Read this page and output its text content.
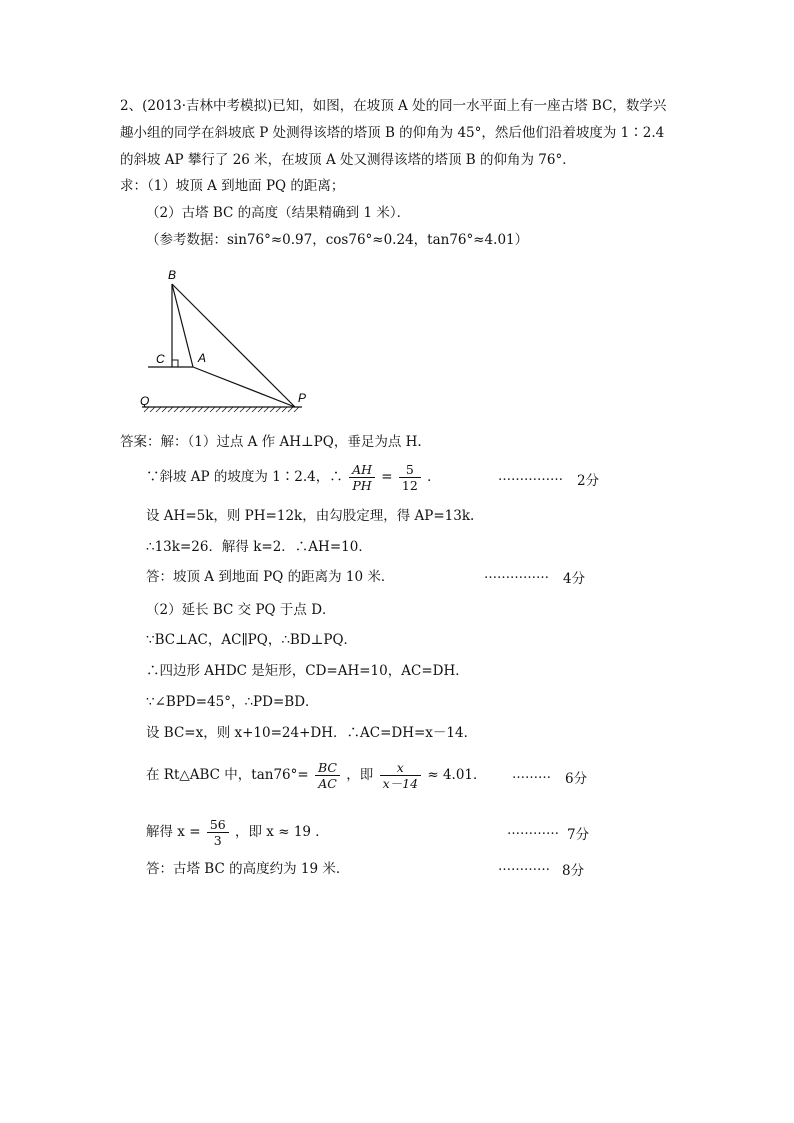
2、(2013·吉林中考模拟)已知，如图，在坡顶 A 处的同一水平面上有一座古塔 BC，数学兴
趣小组的同学在斜坡底 P 处测得该塔的塔顶 B 的仰角为 45°，然后他们沿着坡度为 1∶2.4
的斜坡 AP 攀行了 26 米，在坡顶 A 处又测得该塔的塔顶 B 的仰角为 76°．
求：（1）坡顶 A 到地面 PQ 的距离；
（2）古塔 BC 的高度（结果精确到 1 米）．
（参考数据：sin76°≈0.97，cos76°≈0.24，tan76°≈4.01）
B
C	A
P
Q
答案：解：（1）过点 A 作 AH⊥PQ，垂足为点 H.
∵斜坡 AP 的坡度为 1∶2.4，∴ $\frac{AH}{PH} = \frac{5}{12}$ ．	…………… 2分
设 AH=5k，则 PH=12k，由勾股定理，得 AP=13k.
∴13k=26．解得 k=2．∴AH=10．
答：坡顶 A 到地面 PQ 的距离为 10 米．	…………… 4分
（2）延长 BC 交 PQ 于点 D．
∵BC⊥AC，AC∥PQ，∴BD⊥PQ．
∴四边形 AHDC 是矩形，CD=AH=10，AC=DH．
∵∠BPD=45°，∴PD=BD．
设 BC=x，则 x+10=24+DH．∴AC=DH=x－14．
在 Rt△ABC 中，$\tan 76^\circ= \frac{BC}{AC}$ ，即 $\frac{x}{x-14} \approx 4.01$． ……… 6分
解得 $x = \frac{56}{3}$ ，即 x ≈ 19 ．	………… 7分
答：古塔 BC 的高度约为 19 米．	………… 8分
